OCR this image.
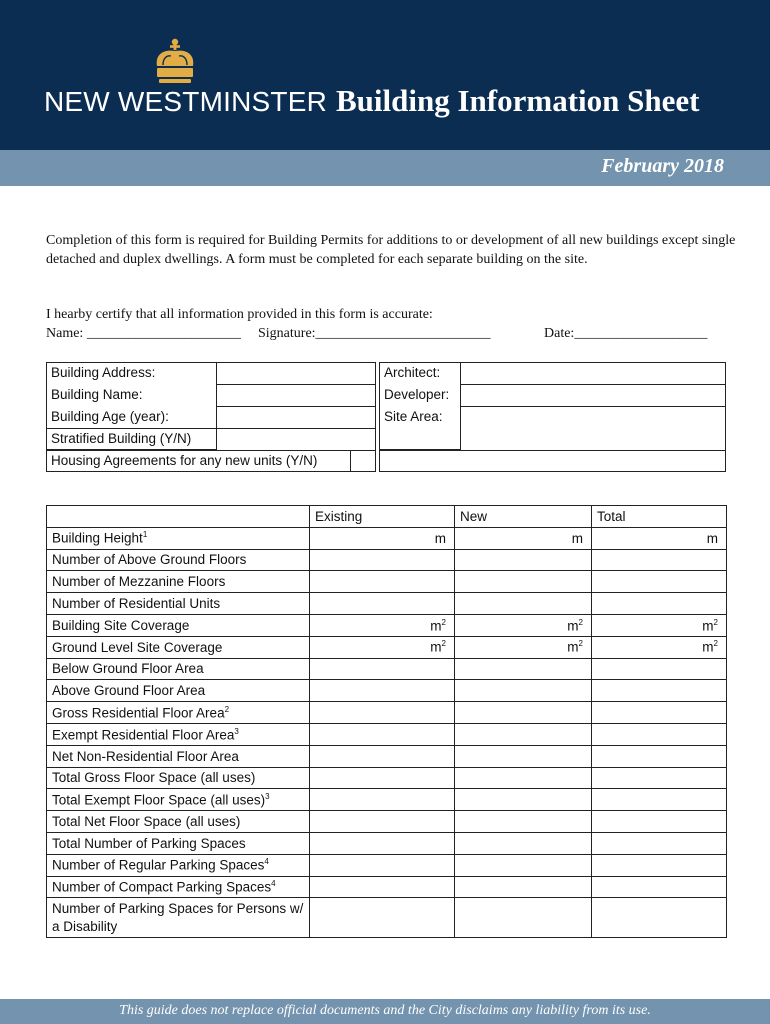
NEW WESTMINSTER Building Information Sheet
February 2018

Completion of this form is required for Building Permits for additions to or development of all new buildings except single detached and duplex dwellings. A form must be completed for each separate building on the site.

I hearby certify that all information provided in this form is accurate:

Name: ______________________ Signature:_________________________	Date:___________________
Building Address:
Building Name:
Building Age (year):
Stratified Building (Y/N)
Housing Agreements for any new units (Y/N)
Architect:
Developer:
Site Area:
	Existing	New	Total
Building Height$^1$	m	m	m
Number of Above Ground Floors			
Number of Mezzanine Floors			
Number of Residential Units			
Building Site Coverage	$m^2$	$m^2$	$m^2$
Ground Level Site Coverage	$m^2$	$m^2$	$m^2$
Below Ground Floor Area			
Above Ground Floor Area			
Gross Residential Floor Area$^2$			
Exempt Residential Floor Area$^3$			
Net Non-Residential Floor Area			
Total Gross Floor Space (all uses)			
Total Exempt Floor Space (all uses)$^3$			
Total Net Floor Space (all uses)			
Total Number of Parking Spaces			
Number of Regular Parking Spaces$^4$			
Number of Compact Parking Spaces$^4$			
Number of Parking Spaces for Persons w/ a Disability			
This guide does not replace official documents and the City disclaims any liability from its use.
